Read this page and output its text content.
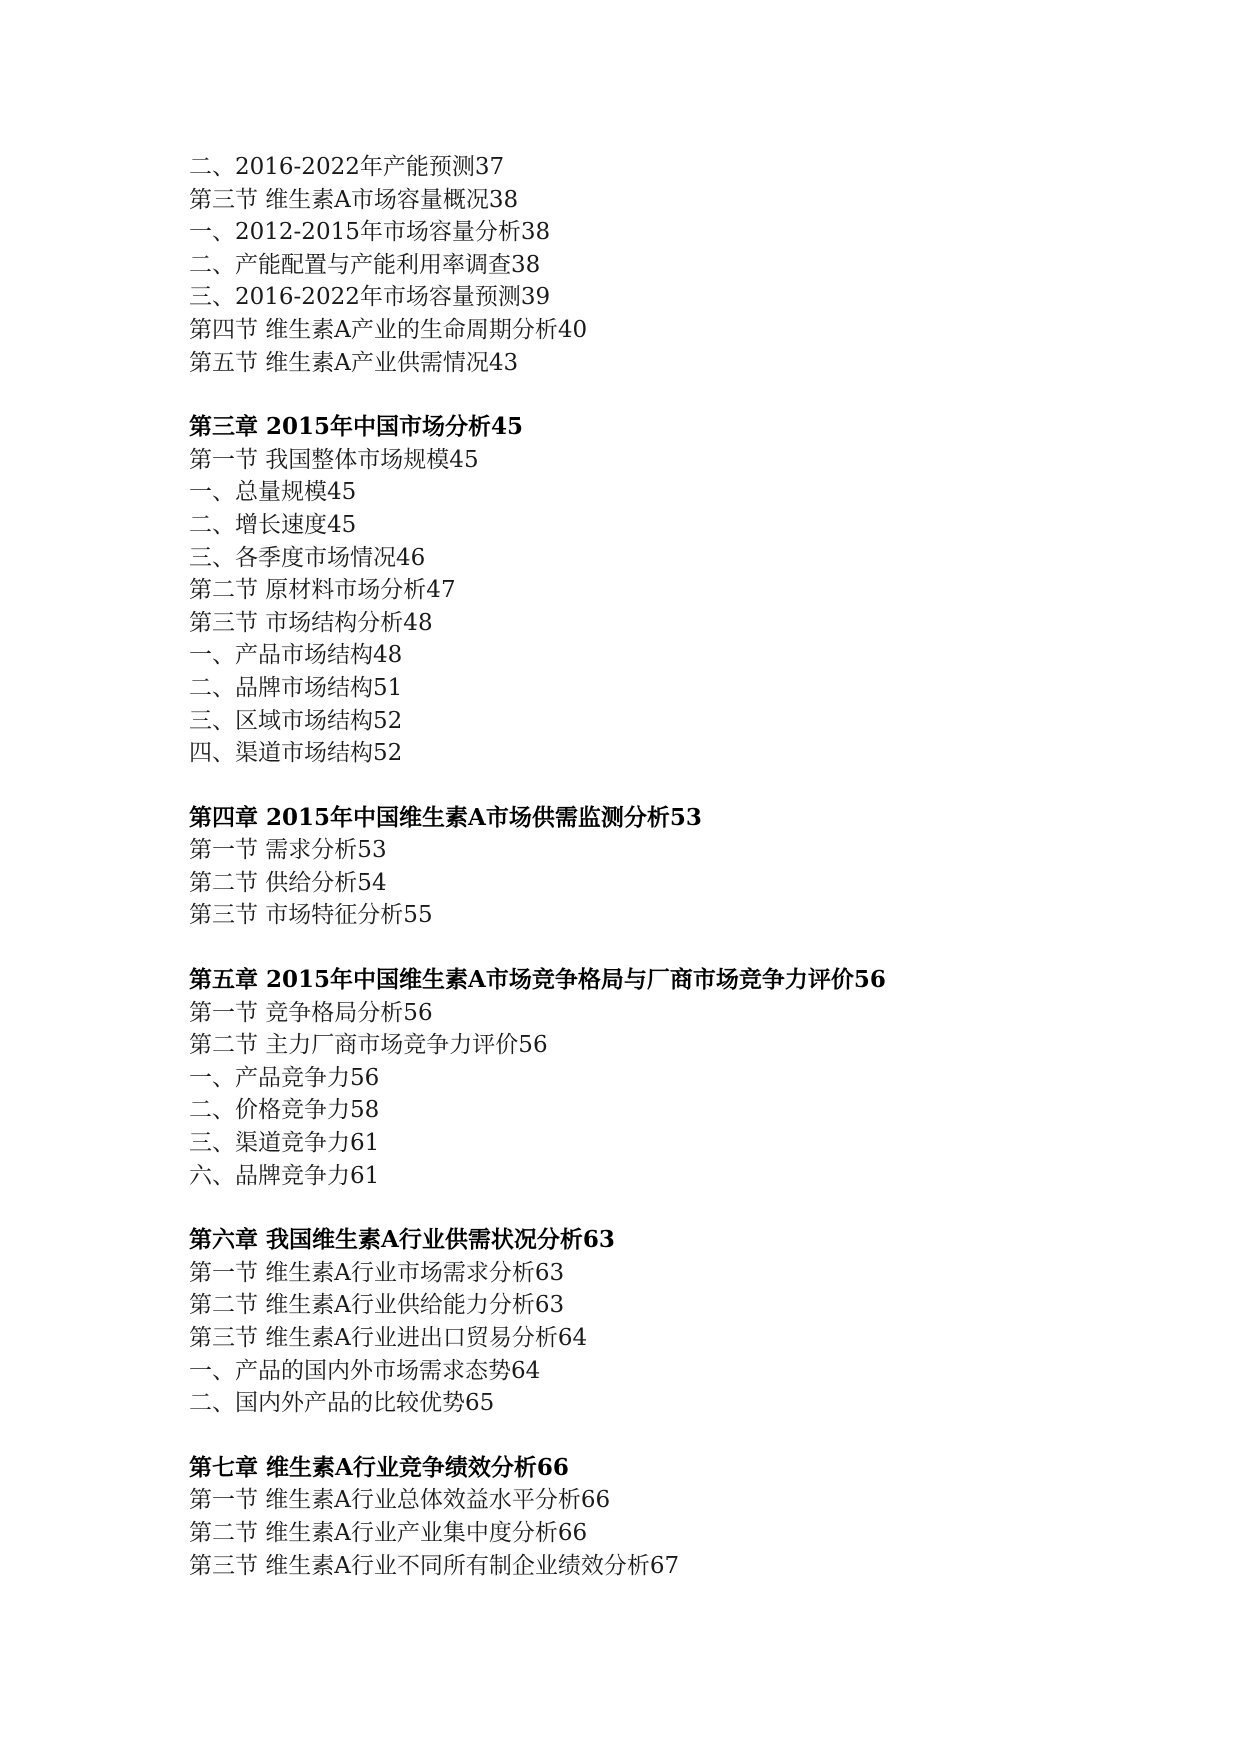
二、2016-2022年产能预测37
第三节 维生素A市场容量概况38
一、2012-2015年市场容量分析38
二、产能配置与产能利用率调查38
三、2016-2022年市场容量预测39
第四节 维生素A产业的生命周期分析40
第五节 维生素A产业供需情况43
第三章 2015年中国市场分析45
第一节 我国整体市场规模45
一、总量规模45
二、增长速度45
三、各季度市场情况46
第二节 原材料市场分析47
第三节 市场结构分析48
一、产品市场结构48
二、品牌市场结构51
三、区域市场结构52
四、渠道市场结构52
第四章 2015年中国维生素A市场供需监测分析53
第一节 需求分析53
第二节 供给分析54
第三节 市场特征分析55
第五章 2015年中国维生素A市场竞争格局与厂商市场竞争力评价56
第一节 竞争格局分析56
第二节 主力厂商市场竞争力评价56
一、产品竞争力56
二、价格竞争力58
三、渠道竞争力61
六、品牌竞争力61
第六章 我国维生素A行业供需状况分析63
第一节 维生素A行业市场需求分析63
第二节 维生素A行业供给能力分析63
第三节 维生素A行业进出口贸易分析64
一、产品的国内外市场需求态势64
二、国内外产品的比较优势65
第七章 维生素A行业竞争绩效分析66
第一节 维生素A行业总体效益水平分析66
第二节 维生素A行业产业集中度分析66
第三节 维生素A行业不同所有制企业绩效分析67
